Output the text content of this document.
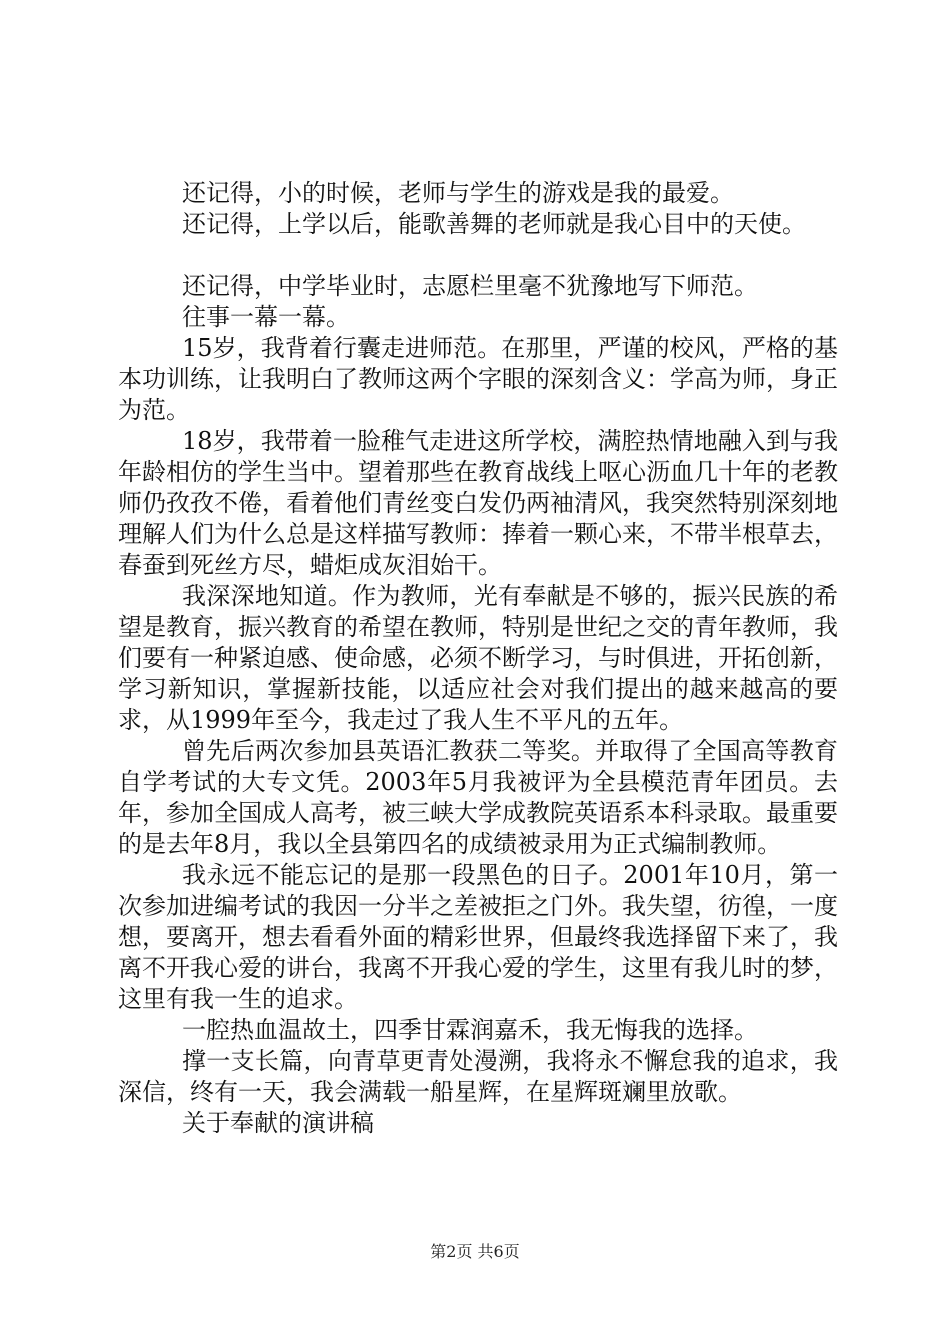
还记得，小的时候，老师与学生的游戏是我的最爱。

还记得，上学以后，能歌善舞的老师就是我心目中的天使。

还记得，中学毕业时，志愿栏里毫不犹豫地写下师范。

往事一幕一幕。

15岁，我背着行囊走进师范。在那里，严谨的校风，严格的基本功训练，让我明白了教师这两个字眼的深刻含义：学高为师，身正为范。

18岁，我带着一脸稚气走进这所学校，满腔热情地融入到与我年龄相仿的学生当中。望着那些在教育战线上呕心沥血几十年的老教师仍孜孜不倦，看着他们青丝变白发仍两袖清风，我突然特别深刻地理解人们为什么总是这样描写教师：捧着一颗心来，不带半根草去，春蚕到死丝方尽，蜡炬成灰泪始干。

我深深地知道。作为教师，光有奉献是不够的，振兴民族的希望是教育，振兴教育的希望在教师，特别是世纪之交的青年教师，我们要有一种紧迫感、使命感，必须不断学习，与时俱进，开拓创新，学习新知识，掌握新技能，以适应社会对我们提出的越来越高的要求，从1999年至今，我走过了我人生不平凡的五年。

曾先后两次参加县英语汇教获二等奖。并取得了全国高等教育自学考试的大专文凭。2003年5月我被评为全县模范青年团员。去年，参加全国成人高考，被三峡大学成教院英语系本科录取。最重要的是去年8月，我以全县第四名的成绩被录用为正式编制教师。

我永远不能忘记的是那一段黑色的日子。2001年10月，第一次参加进编考试的我因一分半之差被拒之门外。我失望，彷徨，一度想，要离开，想去看看外面的精彩世界，但最终我选择留下来了，我离不开我心爱的讲台，我离不开我心爱的学生，这里有我儿时的梦，这里有我一生的追求。

一腔热血温故土，四季甘霖润嘉禾，我无悔我的选择。

撑一支长篇，向青草更青处漫溯，我将永不懈怠我的追求，我深信，终有一天，我会满载一船星辉，在星辉斑斓里放歌。

关于奉献的演讲稿

第2页 共6页
